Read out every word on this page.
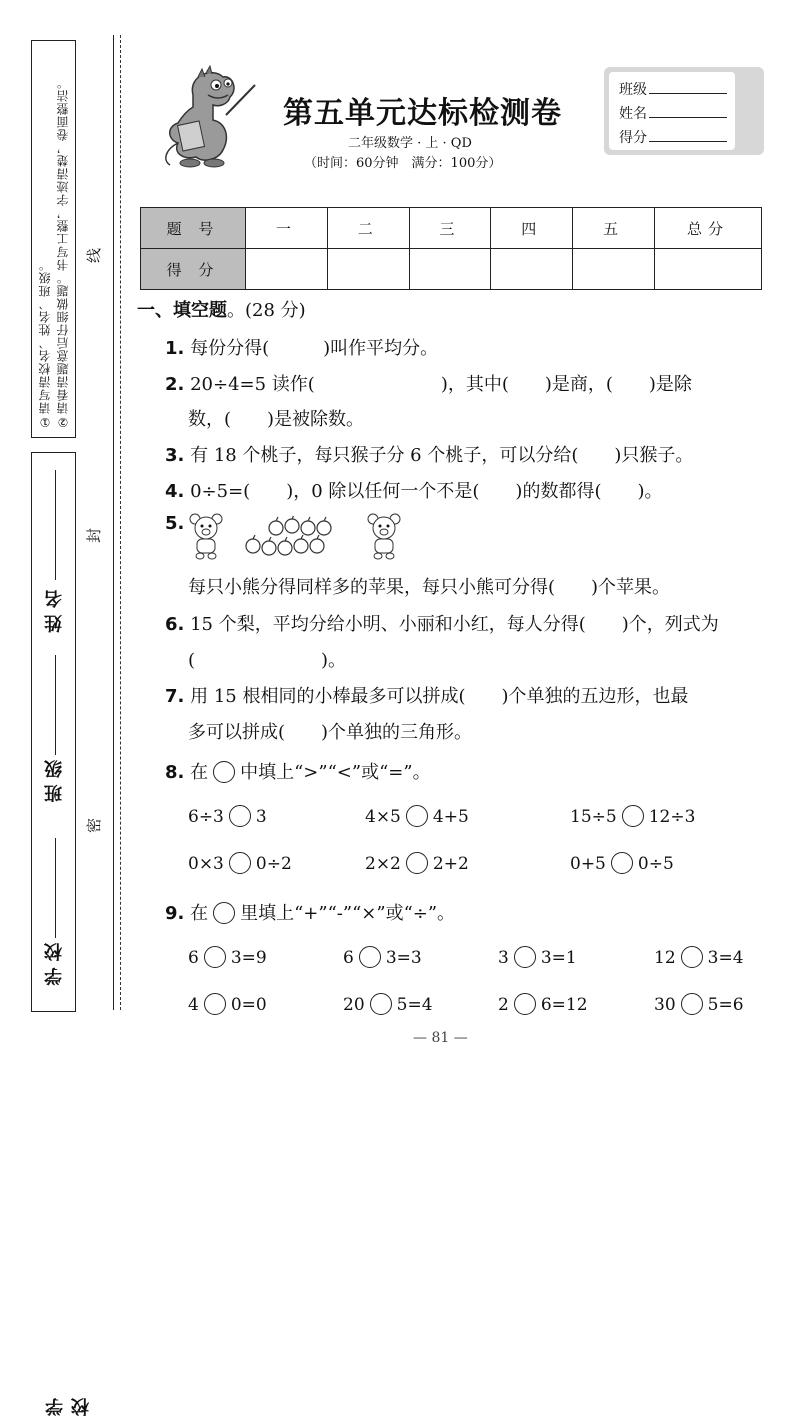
①请写清校名、姓名、班级。 ②请看清题意后仔细做题。书写工整，字迹清楚，卷面整洁。
学 校
学 校
班 级
姓 名
密
封
线
第五单元达标检测卷
二年级数学 · 上 · QD
（时间：60分钟　满分：100分）
班级
姓名
得分
题 号	一	二	三	四	五	总分
得 分						
一、填空题。(28 分)
1. 每份分得(　　　)叫作平均分。
2. 20÷4=5 读作(　　　　　　　)，其中(　　)是商，(　　)是除
数，(　　)是被除数。
3. 有 18 个桃子，每只猴子分 6 个桃子，可以分给(　　)只猴子。
4. 0÷5=(　　)，0 除以任何一个不是(　　)的数都得(　　)。
5.
每只小熊分得同样多的苹果，每只小熊可分得(　　)个苹果。
6. 15 个梨，平均分给小明、小丽和小红，每人分得(　　)个，列式为
(　　　　　　　)。
7. 用 15 根相同的小棒最多可以拼成(　　)个单独的五边形，也最
多可以拼成(　　)个单独的三角形。
8. 在 中填上“>”“<”或“=”。
6÷3 3	4×5 4+5	15÷5 12÷3
0×3 0÷2	2×2 2+2	0+5 0÷5
9. 在 里填上“+”“-”“×”或“÷”。
6 3=9	6 3=3	3 3=1	12 3=4
4 0=0	20 5=4	2 6=12	30 5=6
— 81 —
